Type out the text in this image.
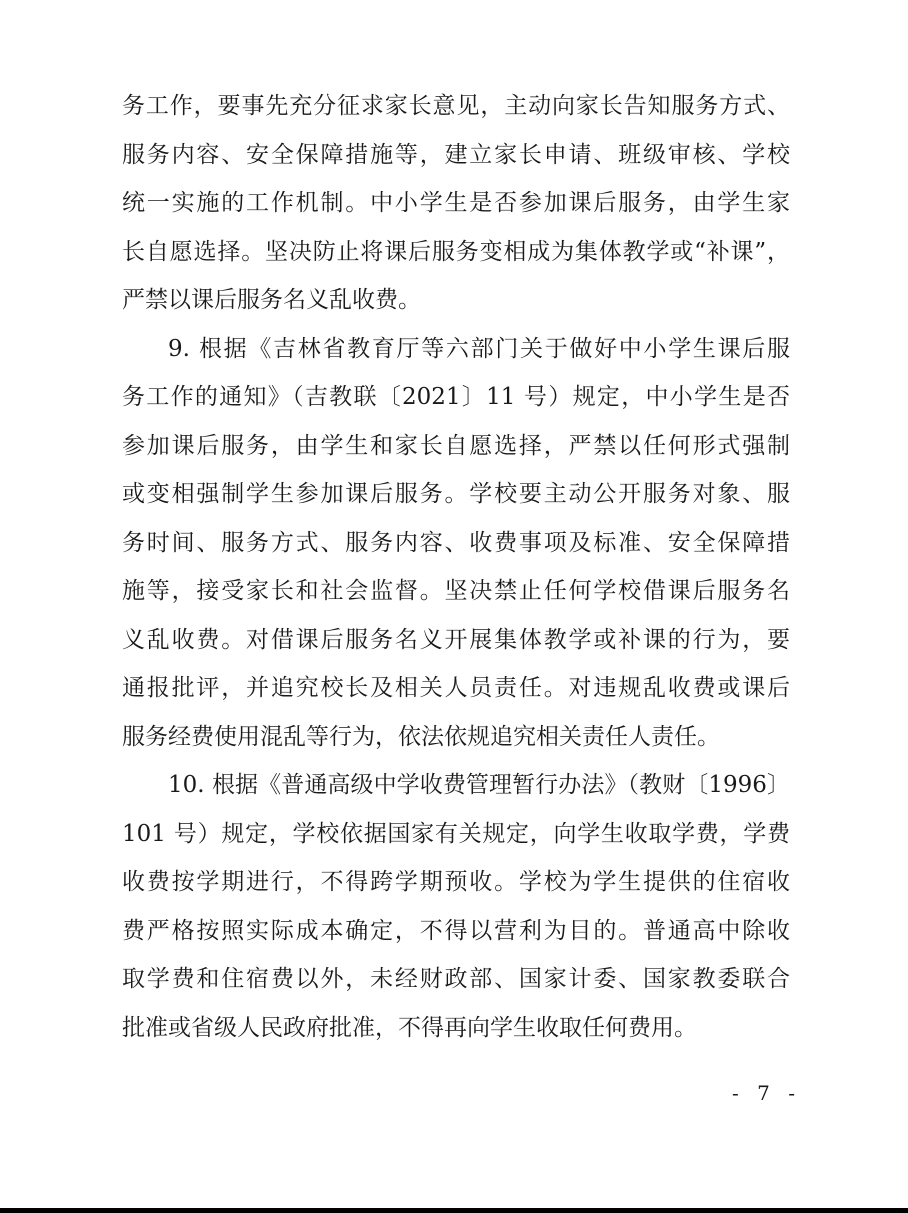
务工作，要事先充分征求家长意见，主动向家长告知服务方式、
服务内容、安全保障措施等，建立家长申请、班级审核、学校
统一实施的工作机制。中小学生是否参加课后服务，由学生家
长自愿选择。坚决防止将课后服务变相成为集体教学或“补课”，
严禁以课后服务名义乱收费。
9. 根据《吉林省教育厅等六部门关于做好中小学生课后服
务工作的通知》（吉教联〔2021〕11 号）规定，中小学生是否
参加课后服务，由学生和家长自愿选择，严禁以任何形式强制
或变相强制学生参加课后服务。学校要主动公开服务对象、服
务时间、服务方式、服务内容、收费事项及标准、安全保障措
施等，接受家长和社会监督。坚决禁止任何学校借课后服务名
义乱收费。对借课后服务名义开展集体教学或补课的行为，要
通报批评，并追究校长及相关人员责任。对违规乱收费或课后
服务经费使用混乱等行为，依法依规追究相关责任人责任。
10. 根据《普通高级中学收费管理暂行办法》（教财〔1996〕
101 号）规定，学校依据国家有关规定，向学生收取学费，学费
收费按学期进行，不得跨学期预收。学校为学生提供的住宿收
费严格按照实际成本确定，不得以营利为目的。普通高中除收
取学费和住宿费以外，未经财政部、国家计委、国家教委联合
批准或省级人民政府批准，不得再向学生收取任何费用。
- 7 -
